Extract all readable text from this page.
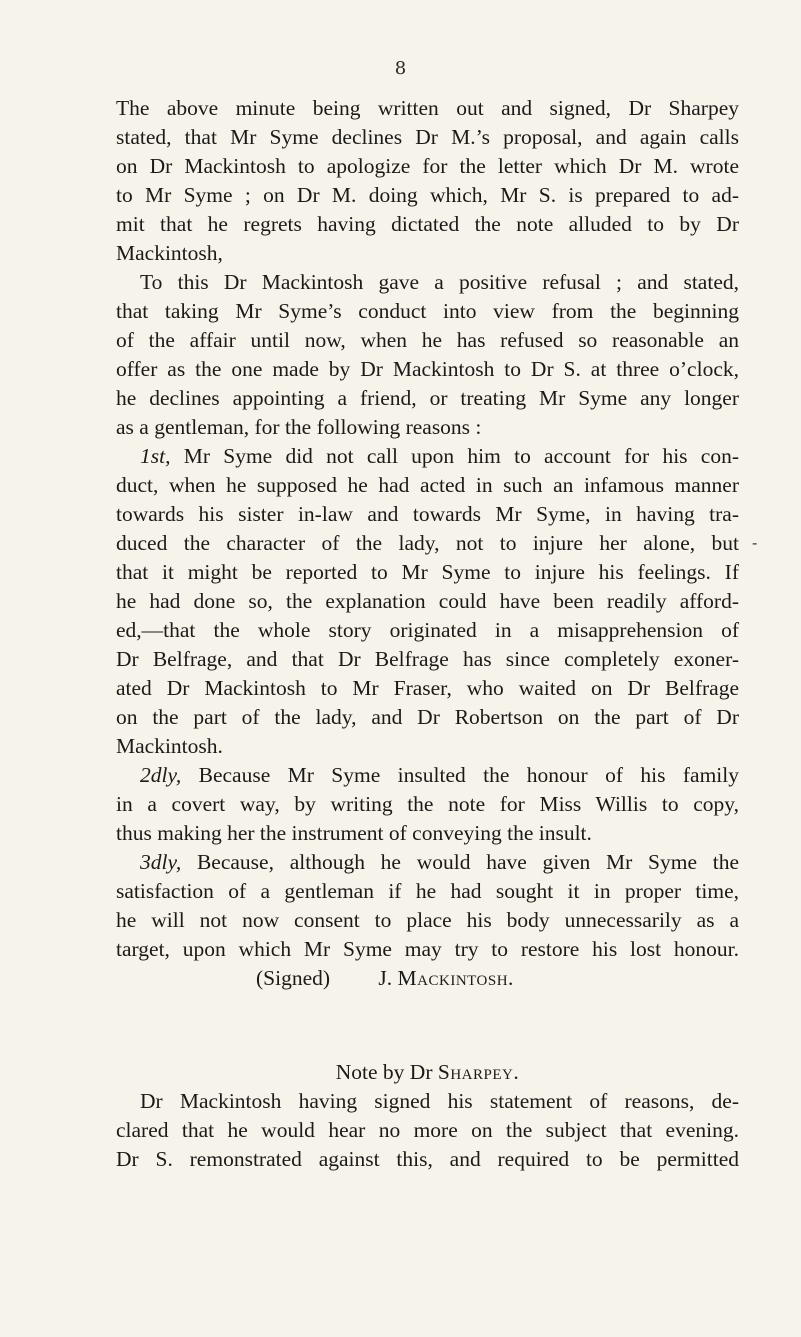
8
The above minute being written out and signed, Dr Sharpey
stated, that Mr Syme declines Dr M.’s proposal, and again calls
on Dr Mackintosh to apologize for the letter which Dr M. wrote
to Mr Syme ; on Dr M. doing which, Mr S. is prepared to ad-
mit that he regrets having dictated the note alluded to by Dr
Mackintosh,
To this Dr Mackintosh gave a positive refusal ; and stated,
that taking Mr Syme’s conduct into view from the beginning
of the affair until now, when he has refused so reasonable an
offer as the one made by Dr Mackintosh to Dr S. at three o’clock,
he declines appointing a friend, or treating Mr Syme any longer
as a gentleman, for the following reasons :
1st, Mr Syme did not call upon him to account for his con-
duct, when he supposed he had acted in such an infamous manner
towards his sister in-law and towards Mr Syme, in having tra-
duced the character of the lady, not to injure her alone, but
that it might be reported to Mr Syme to injure his feelings. If
he had done so, the explanation could have been readily afford-
ed,—that the whole story originated in a misapprehension of
Dr Belfrage, and that Dr Belfrage has since completely exoner-
ated Dr Mackintosh to Mr Fraser, who waited on Dr Belfrage
on the part of the lady, and Dr Robertson on the part of Dr
Mackintosh.
2dly, Because Mr Syme insulted the honour of his family
in a covert way, by writing the note for Miss Willis to copy,
thus making her the instrument of conveying the insult.
3dly, Because, although he would have given Mr Syme the
satisfaction of a gentleman if he had sought it in proper time,
he will not now consent to place his body unnecessarily as a
target, upon which Mr Syme may try to restore his lost honour.
(Signed) J. Mackintosh.
Note by Dr Sharpey.
Dr Mackintosh having signed his statement of reasons, de-
clared that he would hear no more on the subject that evening.
Dr S. remonstrated against this, and required to be permitted
-
